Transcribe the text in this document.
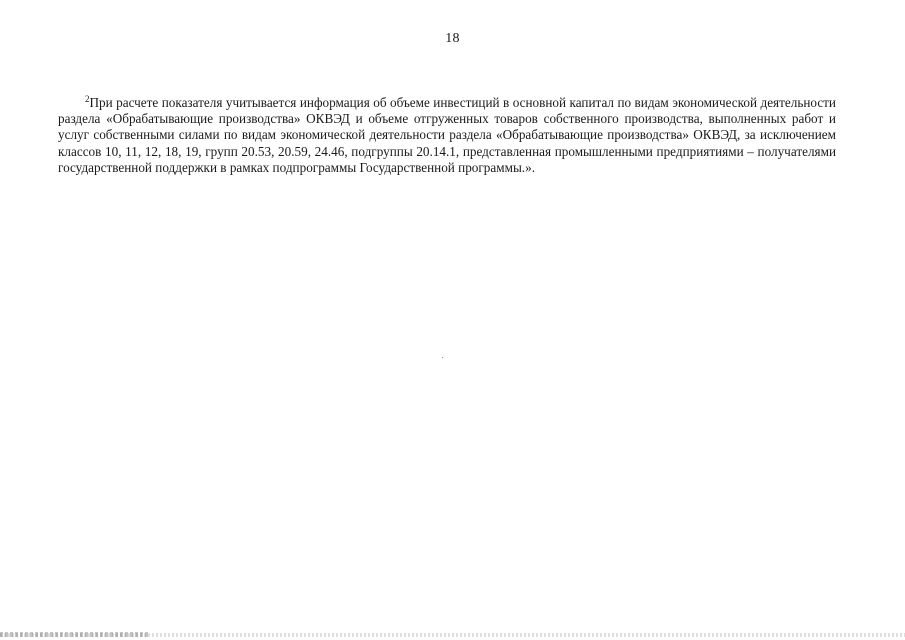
18

$^2$При расчете показателя учитывается информация об объеме инвестиций в основной капитал по видам экономической деятельности раздела «Обрабатывающие производства» ОКВЭД и объеме отгруженных товаров собственного производства, выполненных работ и услуг собственными силами по видам экономической деятельности раздела «Обрабатывающие производства» ОКВЭД, за исключением классов 10, 11, 12, 18, 19, групп 20.53, 20.59, 24.46, подгруппы 20.14.1, представленная промышленными предприятиями – получателями государственной поддержки в рамках подпрограммы Государственной программы.».
